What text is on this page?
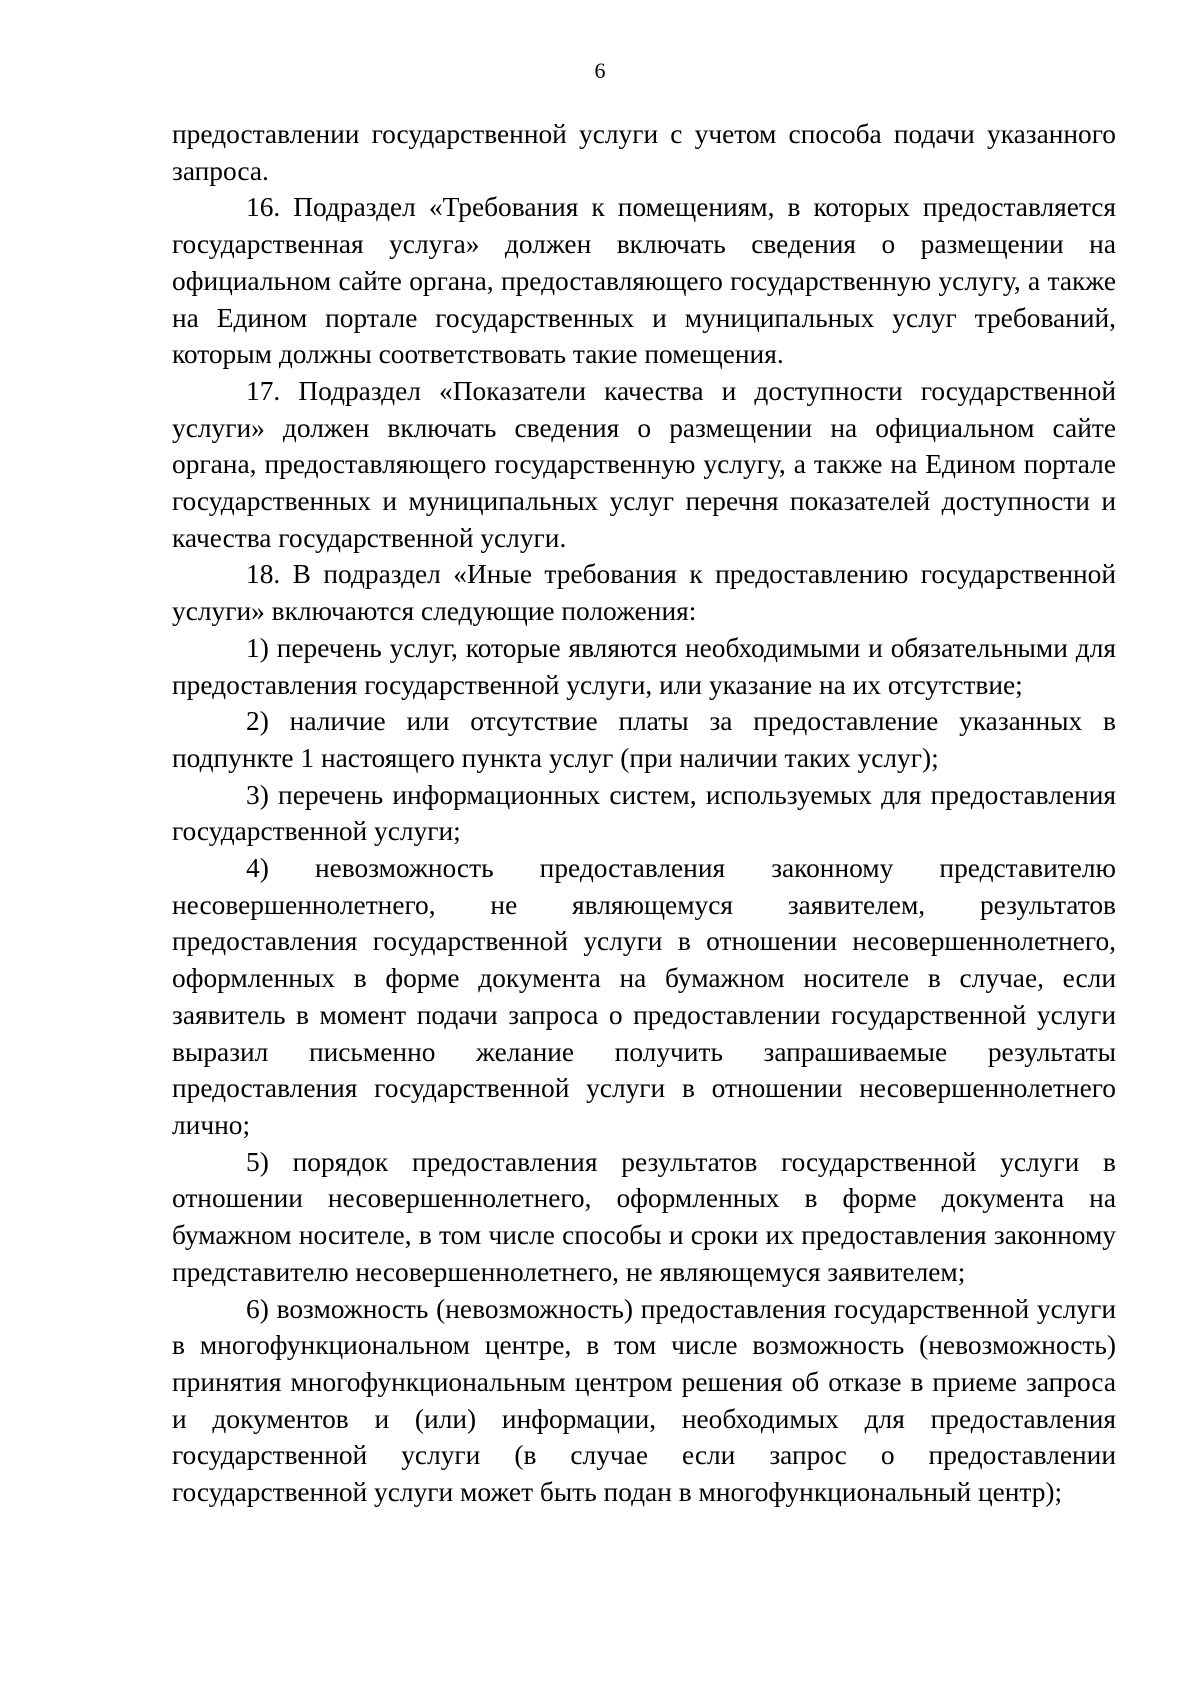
6

предоставлении государственной услуги с учетом способа подачи указанного запроса.

16. Подраздел «Требования к помещениям, в которых предоставляется государственная услуга» должен включать сведения о размещении на официальном сайте органа, предоставляющего государственную услугу, а также на Едином портале государственных и муниципальных услуг требований, которым должны соответствовать такие помещения.

17. Подраздел «Показатели качества и доступности государственной услуги» должен включать сведения о размещении на официальном сайте органа, предоставляющего государственную услугу, а также на Едином портале государственных и муниципальных услуг перечня показателей доступности и качества государственной услуги.

18. В подраздел «Иные требования к предоставлению государственной услуги» включаются следующие положения:

1) перечень услуг, которые являются необходимыми и обязательными для предоставления государственной услуги, или указание на их отсутствие;

2) наличие или отсутствие платы за предоставление указанных в подпункте 1 настоящего пункта услуг (при наличии таких услуг);

3) перечень информационных систем, используемых для предоставления государственной услуги;

4) невозможность предоставления законному представителю несовершеннолетнего, не являющемуся заявителем, результатов предоставления государственной услуги в отношении несовершеннолетнего, оформленных в форме документа на бумажном носителе в случае, если заявитель в момент подачи запроса о предоставлении государственной услуги выразил письменно желание получить запрашиваемые результаты предоставления государственной услуги в отношении несовершеннолетнего лично;

5) порядок предоставления результатов государственной услуги в отношении несовершеннолетнего, оформленных в форме документа на бумажном носителе, в том числе способы и сроки их предоставления законному представителю несовершеннолетнего, не являющемуся заявителем;

6) возможность (невозможность) предоставления государственной услуги в многофункциональном центре, в том числе возможность (невозможность) принятия многофункциональным центром решения об отказе в приеме запроса и документов и (или) информации, необходимых для предоставления государственной услуги (в случае если запрос о предоставлении государственной услуги может быть подан в многофункциональный центр);
